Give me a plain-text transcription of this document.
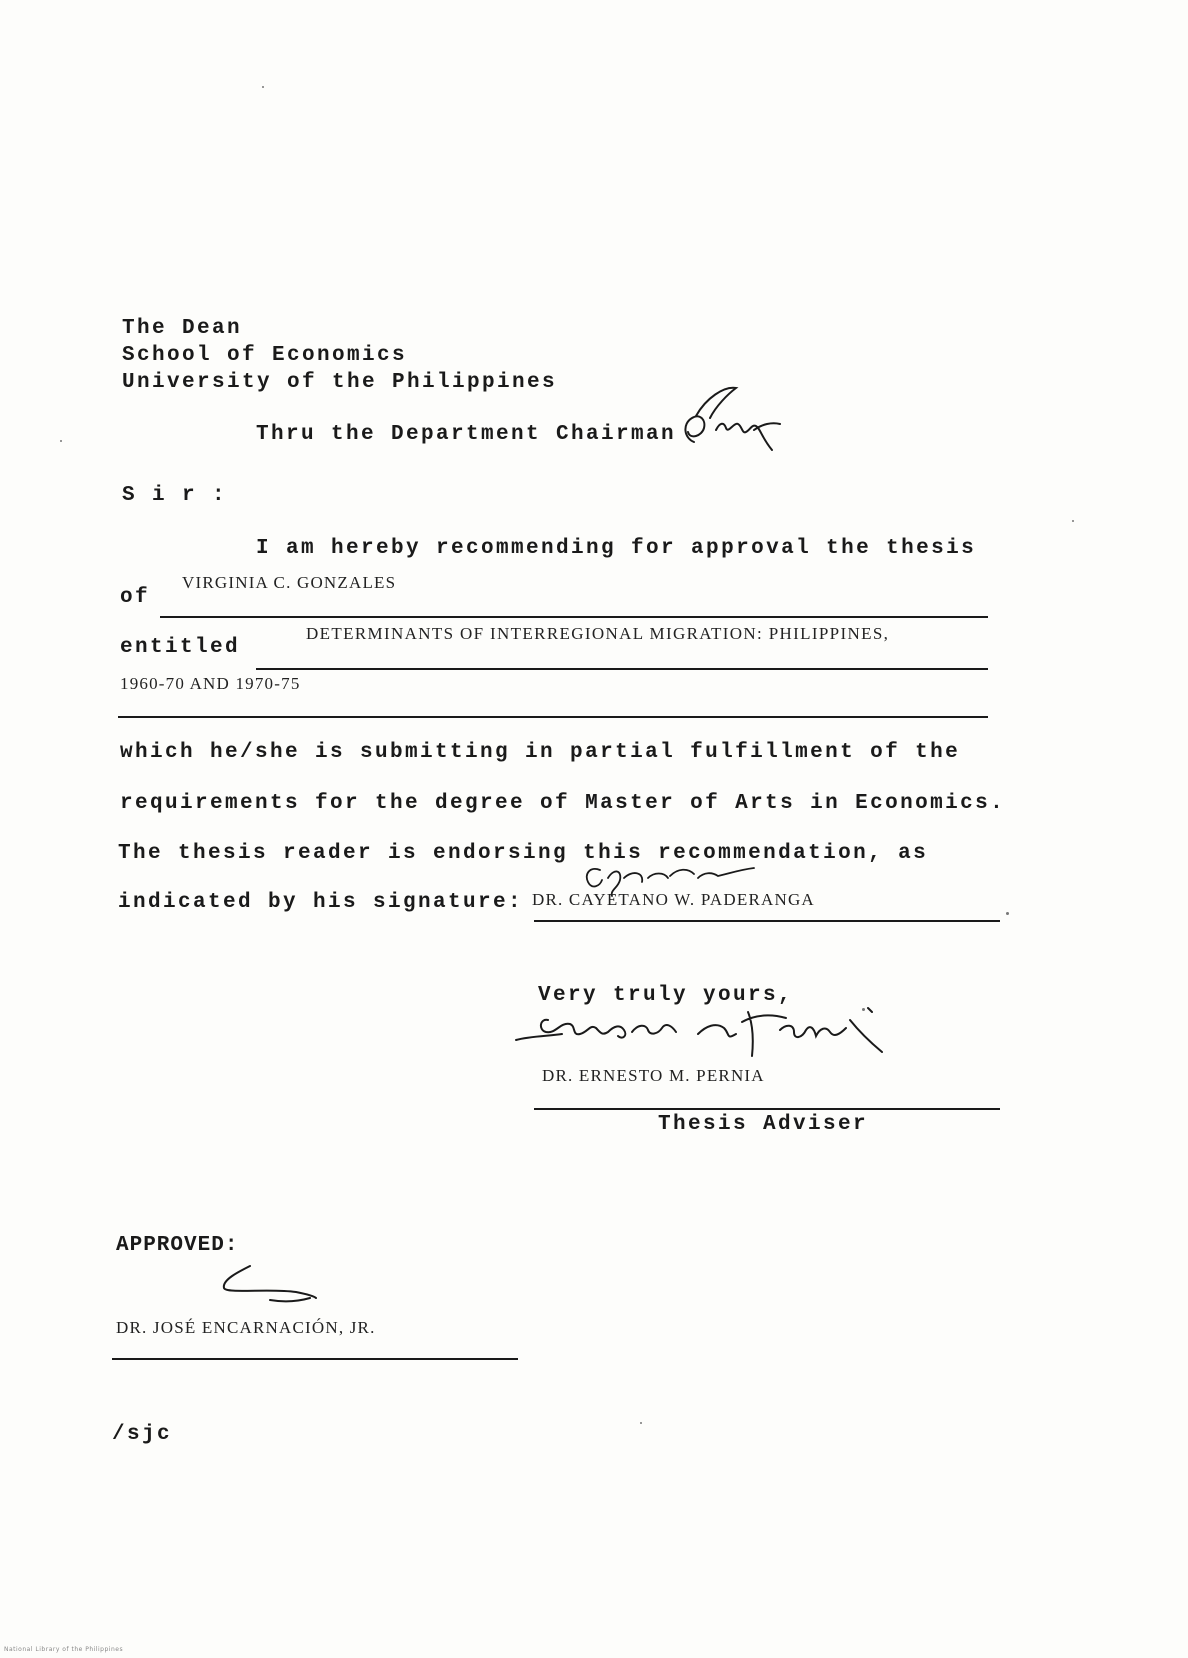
The Dean
School of Economics
University of the Philippines
Thru the Department Chairman
S i r :
I am hereby recommending for approval the thesis
of
VIRGINIA C. GONZALES
entitled
DETERMINANTS OF INTERREGIONAL MIGRATION: PHILIPPINES,
1960-70 AND 1970-75
which he/she is submitting in partial fulfillment of the
requirements for the degree of Master of Arts in Economics.
The thesis reader is endorsing this recommendation, as
indicated by his signature: DR. CAYETANO W. PADERANGA
Very truly yours,
DR. ERNESTO M. PERNIA
Thesis Adviser
APPROVED:
DR. JOSÉ ENCARNACIÓN, JR.
/sjc
National Library of the Philippines
